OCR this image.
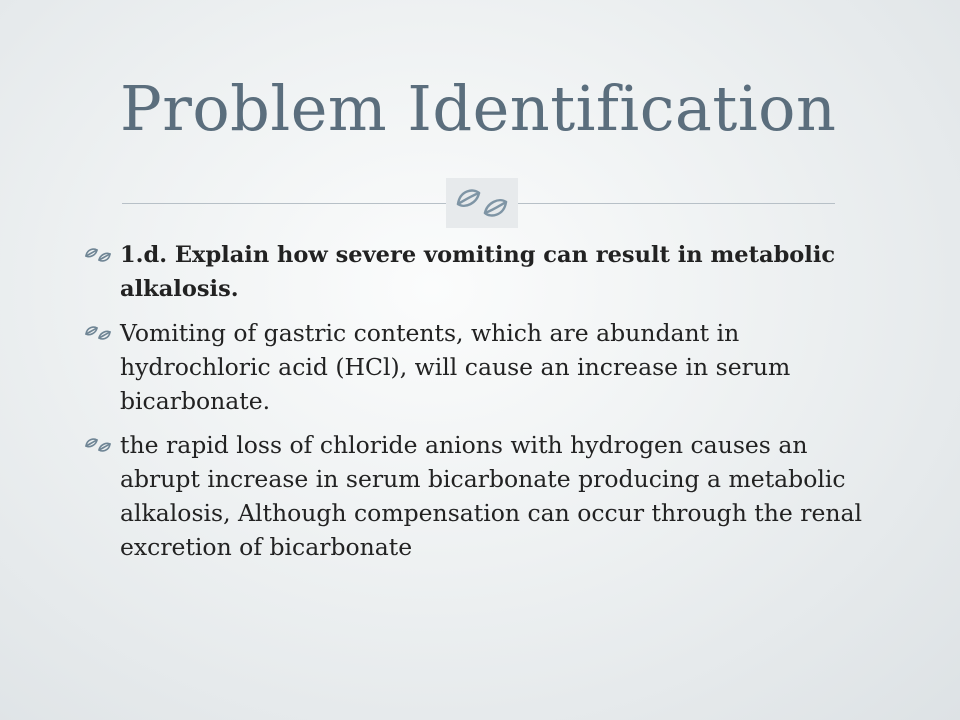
Problem Identification
1.d. Explain how severe vomiting can result in metabolic alkalosis.
Vomiting of gastric contents, which are abundant in hydrochloric acid (HCl), will cause an increase in serum bicarbonate.
the rapid loss of chloride anions with hydrogen causes an abrupt increase in serum bicarbonate producing a metabolic alkalosis, Although compensation can occur through the renal excretion of bicarbonate
